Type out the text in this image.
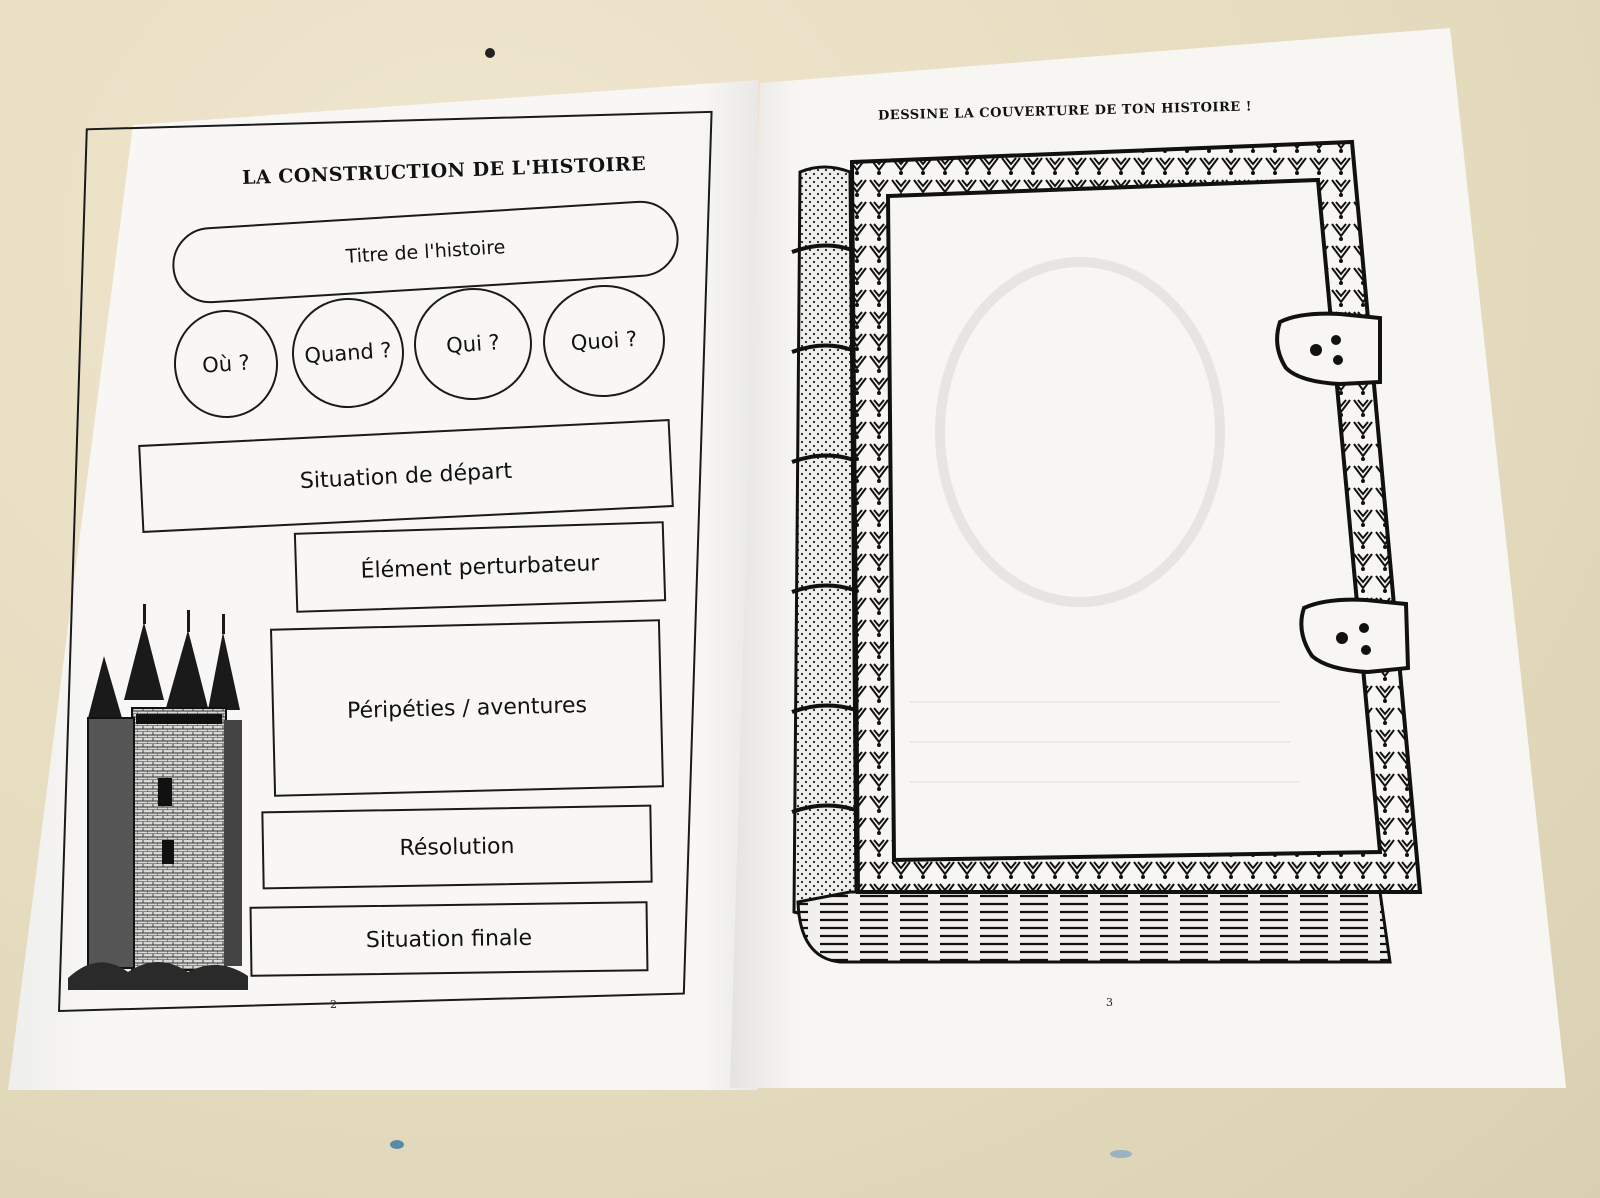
LA CONSTRUCTION DE L'HISTOIRE
Titre de l'histoire
Où ?	Quand ?	Qui ?	Quoi ?
Situation de départ
Élément perturbateur
Péripéties / aventures
Résolution
Situation finale
2
DESSINE LA COUVERTURE DE TON HISTOIRE !
3
